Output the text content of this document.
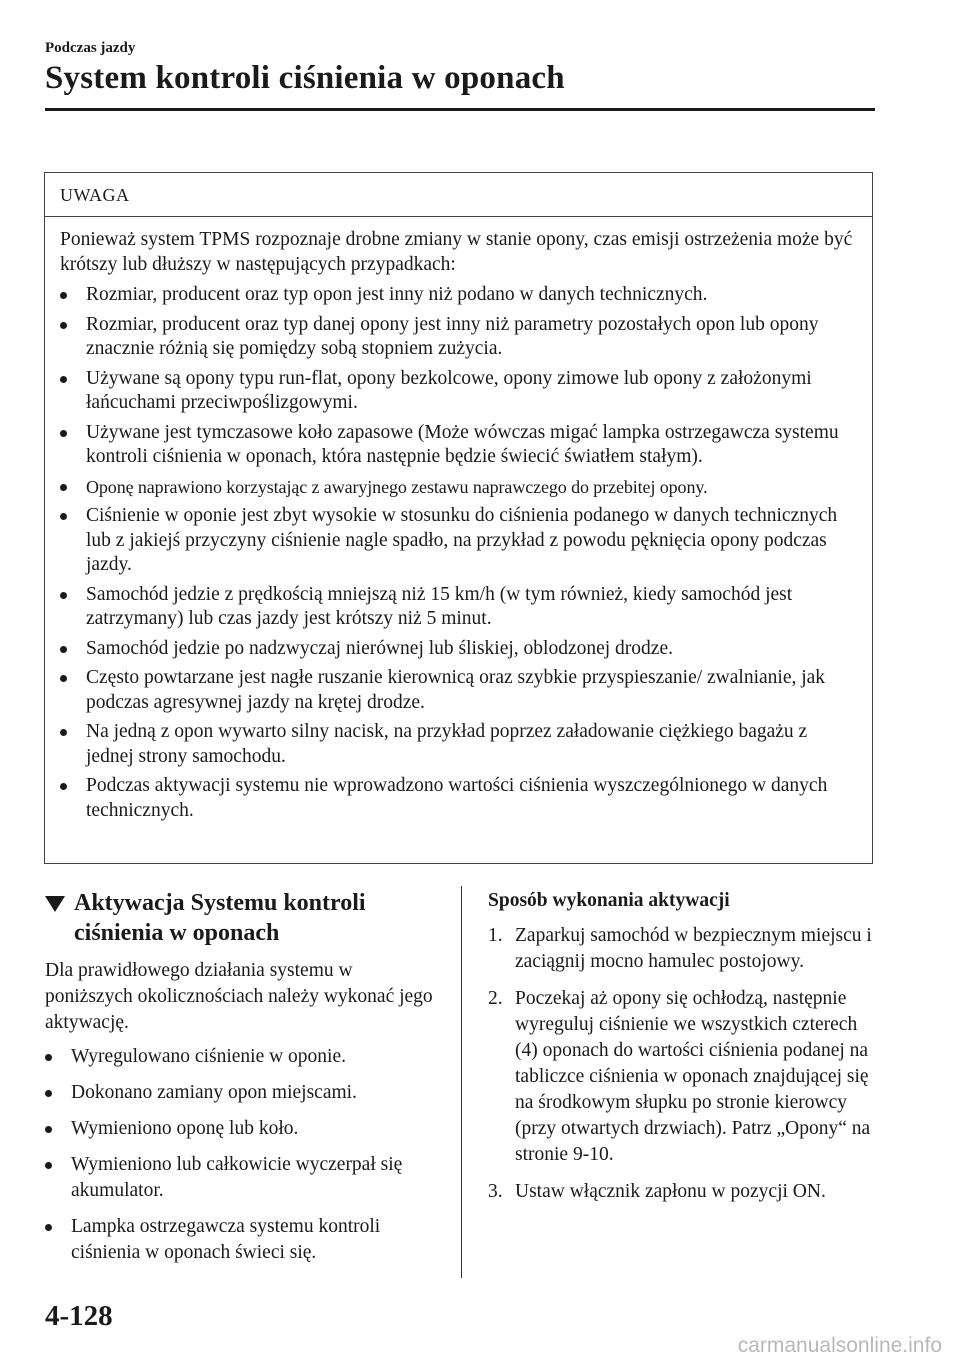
Podczas jazdy
System kontroli ciśnienia w oponach
UWAGA

Ponieważ system TPMS rozpoznaje drobne zmiany w stanie opony, czas emisji ostrzeżenia może być krótszy lub dłuższy w następujących przypadkach:

Rozmiar, producent oraz typ opon jest inny niż podano w danych technicznych.
Rozmiar, producent oraz typ danej opony jest inny niż parametry pozostałych opon lub opony znacznie różnią się pomiędzy sobą stopniem zużycia.
Używane są opony typu run-flat, opony bezkolcowe, opony zimowe lub opony z założonymi łańcuchami przeciwpoślizgowymi.
Używane jest tymczasowe koło zapasowe (Może wówczas migać lampka ostrzegawcza systemu kontroli ciśnienia w oponach, która następnie będzie świecić światłem stałym).
Oponę naprawiono korzystając z awaryjnego zestawu naprawczego do przebitej opony.
Ciśnienie w oponie jest zbyt wysokie w stosunku do ciśnienia podanego w danych technicznych lub z jakiejś przyczyny ciśnienie nagle spadło, na przykład z powodu pęknięcia opony podczas jazdy.
Samochód jedzie z prędkością mniejszą niż 15 km/h (w tym również, kiedy samochód jest zatrzymany) lub czas jazdy jest krótszy niż 5 minut.
Samochód jedzie po nadzwyczaj nierównej lub śliskiej, oblodzonej drodze.
Często powtarzane jest nagłe ruszanie kierownicą oraz szybkie przyspieszanie/ zwalnianie, jak podczas agresywnej jazdy na krętej drodze.
Na jedną z opon wywarto silny nacisk, na przykład poprzez załadowanie ciężkiego bagażu z jednej strony samochodu.
Podczas aktywacji systemu nie wprowadzono wartości ciśnienia wyszczególnionego w danych technicznych.
Aktywacja Systemu kontroli ciśnienia w oponach

Dla prawidłowego działania systemu w poniższych okolicznościach należy wykonać jego aktywację.

Wyregulowano ciśnienie w oponie.
Dokonano zamiany opon miejscami.
Wymieniono oponę lub koło.
Wymieniono lub całkowicie wyczerpał się akumulator.
Lampka ostrzegawcza systemu kontroli ciśnienia w oponach świeci się.
Sposób wykonania aktywacji
1. Zaparkuj samochód w bezpiecznym miejscu i zaciągnij mocno hamulec postojowy.
2. Poczekaj aż opony się ochłodzą, następnie wyreguluj ciśnienie we wszystkich czterech (4) oponach do wartości ciśnienia podanej na tabliczce ciśnienia w oponach znajdującej się na środkowym słupku po stronie kierowcy (przy otwartych drzwiach). Patrz „Opony“ na stronie 9-10.
3. Ustaw włącznik zapłonu w pozycji ON.
4-128
carmanualsonline.info
